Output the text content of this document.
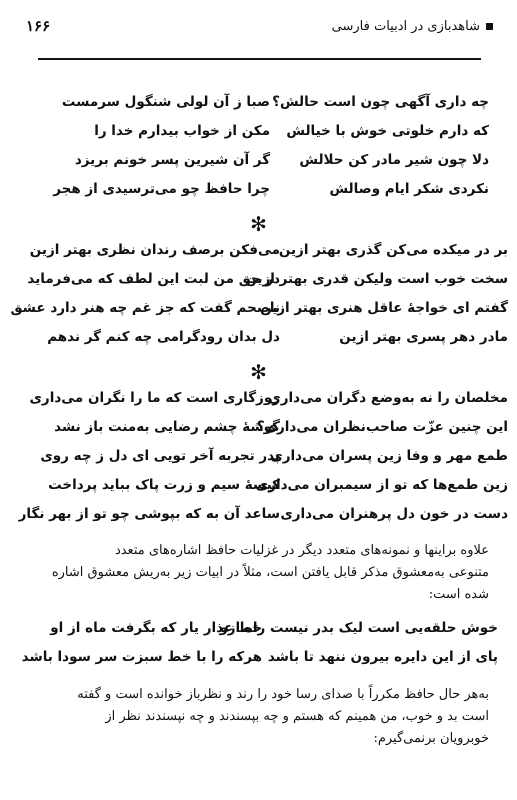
۱۶۶	شاهدبازی در ادبیات فارسی
صبا ز آن لولی شنگول سرمست
مکن از خواب بیدارم خدا را
گر آن شیرین پسر خونم بریزد
چرا حافظ چو می‌ترسیدی از هجر
چه داری آگهی چون است حالش؟
که دارم خلوتی خوش با خیالش
دلا چون شیر مادر کن حلالش
نکردی شکر ایام وصالش
✻
می‌فکن برصف رندان نظری بهتر ازین
در حق من لبت این لطف که می‌فرماید
ناصحم گفت که جز غم چه هنر دارد عشق
دل بدان رودگرامی چه کنم گر ندهم
بر در میکده می‌کن گذری بهتر ازین
سخت خوب است ولیکن قدری بهتر ازین
گفتم ای خواجهٔ عاقل هنری بهتر ازین
مادر دهر پسری بهتر ازین
✻
روزگاری است که ما را نگران می‌داری
گوشهٔ چشم رضایی به‌منت باز نشد
پدر تجربه آخر تویی ای دل ز چه روی
کیسهٔ سیم و زرت پاک بباید پرداخت
ساعد آن به که بپوشی چو تو از بهر نگار
مخلصان را نه به‌وضع دگران می‌داری
این چنین عزّت صاحب‌نظران می‌داری؟
طمع مهر و وفا زین پسران می‌داری
زین طمع‌ها که تو از سیمبران می‌داری
دست در خون دل پرهنران می‌داری
علاوه براینها و نمونه‌های متعدد دیگر در غزلیات حافظ اشاره‌های متعدد
متنوعی به‌معشوق مذکر قابل یافتن است، مثلاً در ابیات زیر به‌ریش معشوق اشاره
شده است:
خط عذار یار که بگرفت ماه از او
هرکه را با خط سبزت سر سودا باشد
خوش حلقه‌یی است لیک بدر نیست راه ازو
پای از این دایره بیرون ننهد تا باشد
به‌هر حال حافظ مکرراً با صدای رسا خود را رند و نظرباز خوانده است و گفته
است بد و خوب، من همینم که هستم و چه بپسندند و چه نپسندند نظر از
خوبرویان برنمی‌گیرم:
